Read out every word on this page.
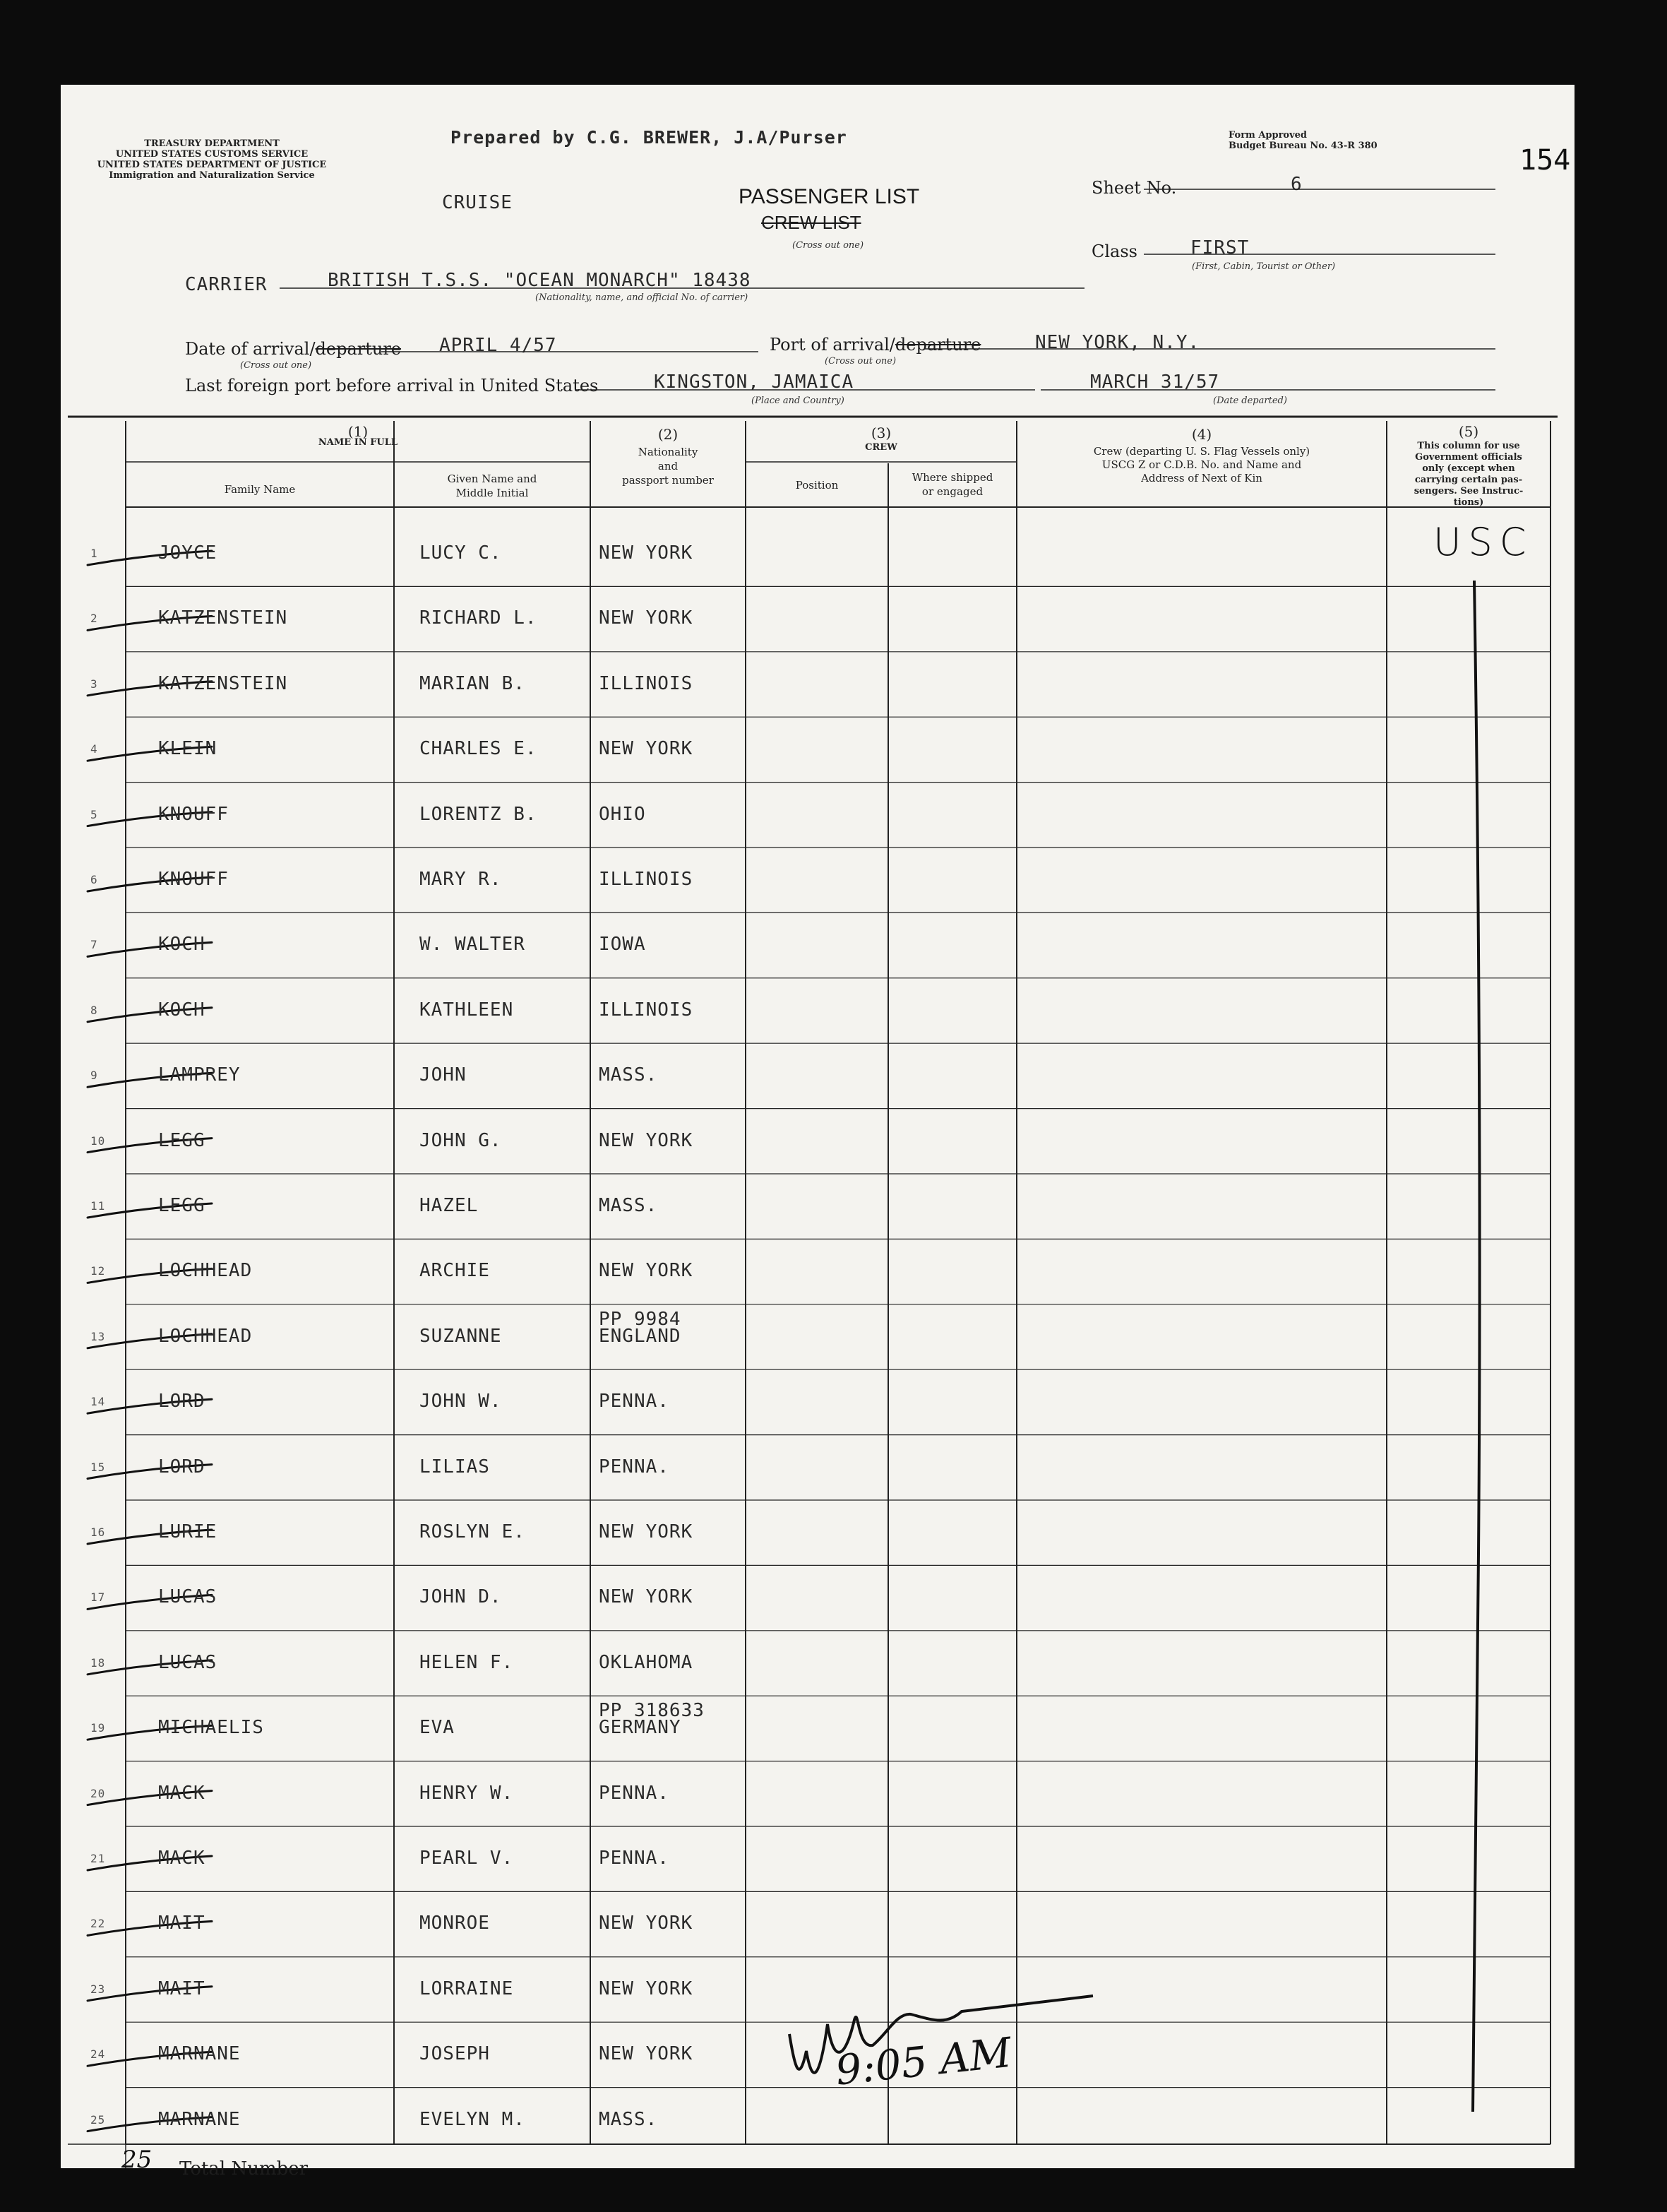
TREASURY DEPARTMENT
UNITED STATES CUSTOMS SERVICE
UNITED STATES DEPARTMENT OF JUSTICE
Immigration and Naturalization Service
Prepared by C.G. BREWER, J.A/Purser	Form Approved
Budget Bureau No. 43-R 380	154
CRUISE	PASSENGER LIST
CREW LIST
(Cross out one)
Sheet No.	6
Class	FIRST
(First, Cabin, Tourist or Other)
CARRIER	BRITISH T.S.S. "OCEAN MONARCH" 18438
(Nationality, name, and official No. of carrier)
Date of arrival/departure APRIL 4/57
(Cross out one)
Port of arrival/departure	NEW YORK, N.Y.
(Cross out one)
Last foreign port before arrival in United States	KINGSTON, JAMAICA
(Place and Country)
MARCH 31/57
(Date departed)
(1)
NAME IN FULL
Family Name
Given Name and
Middle Initial
(2)
Nationality
and
passport number
(3)
CREW
Position
Where shipped
or engaged
(4)
Crew (departing U. S. Flag Vessels only)
USCG Z or C.D.B. No. and Name and
Address of Next of Kin
(5)
This column for use
Government officials
only (except when
carrying certain pas-
sengers. See Instruc-
tions)
1	JOYCE	LUCY C.	NEW YORK
2	KATZENSTEIN	RICHARD L.	NEW YORK
3	KATZENSTEIN	MARIAN B.	ILLINOIS
4	KLEIN	CHARLES E.	NEW YORK
5	KNOUFF	LORENTZ B.	OHIO
6	KNOUFF	MARY R.	ILLINOIS
7	KOCH	W. WALTER	IOWA
8	KOCH	KATHLEEN	ILLINOIS
9	LAMPREY	JOHN	MASS.
10	LEGG	JOHN G.	NEW YORK
11	LEGG	HAZEL	MASS.
12	LOCHHEAD	ARCHIE	NEW YORK
13	LOCHHEAD	SUZANNE
PP 9984
ENGLAND
14	LORD	JOHN W.	PENNA.
15	LORD	LILIAS	PENNA.
16	LURIE	ROSLYN E.	NEW YORK
17	LUCAS	JOHN D.	NEW YORK
18	LUCAS	HELEN F.	OKLAHOMA
19	MICHAELIS	EVA
PP 318633
GERMANY
20	MACK	HENRY W.	PENNA.
21	MACK	PEARL V.	PENNA.
22	MAIT	MONROE	NEW YORK
23	MAIT	LORRAINE	NEW YORK
24	MARNANE	JOSEPH	NEW YORK
25	MARNANE	EVELYN M.	MASS.
USC
9:05 AM
25 Total Number
